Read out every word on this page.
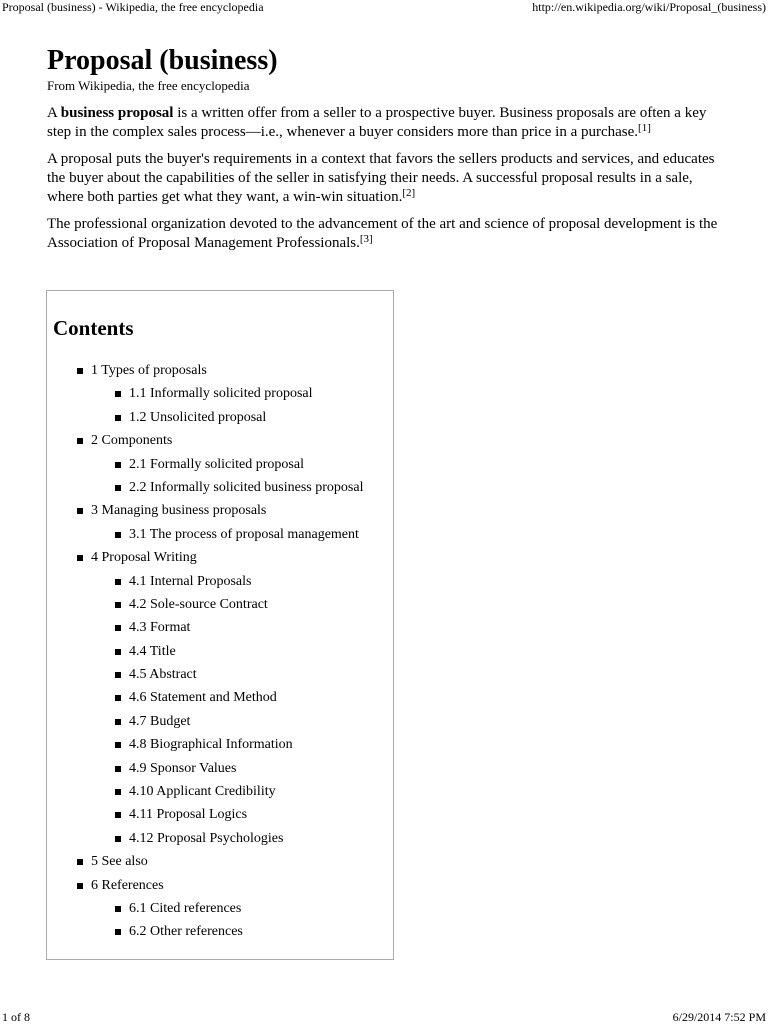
Proposal (business) - Wikipedia, the free encyclopedia	http://en.wikipedia.org/wiki/Proposal_(business)
Proposal (business)
From Wikipedia, the free encyclopedia

A business proposal is a written offer from a seller to a prospective buyer. Business proposals are often a key step in the complex sales process—i.e., whenever a buyer considers more than price in a purchase.[1]

A proposal puts the buyer's requirements in a context that favors the sellers products and services, and educates the buyer about the capabilities of the seller in satisfying their needs. A successful proposal results in a sale, where both parties get what they want, a win-win situation.[2]

The professional organization devoted to the advancement of the art and science of proposal development is the Association of Proposal Management Professionals.[3]

Contents
1 Types of proposals
1.1 Informally solicited proposal
1.2 Unsolicited proposal
2 Components
2.1 Formally solicited proposal
2.2 Informally solicited business proposal
3 Managing business proposals
3.1 The process of proposal management
4 Proposal Writing
4.1 Internal Proposals
4.2 Sole-source Contract
4.3 Format
4.4 Title
4.5 Abstract
4.6 Statement and Method
4.7 Budget
4.8 Biographical Information
4.9 Sponsor Values
4.10 Applicant Credibility
4.11 Proposal Logics
4.12 Proposal Psychologies
5 See also
6 References
6.1 Cited references
6.2 Other references
1 of 8	6/29/2014 7:52 PM
